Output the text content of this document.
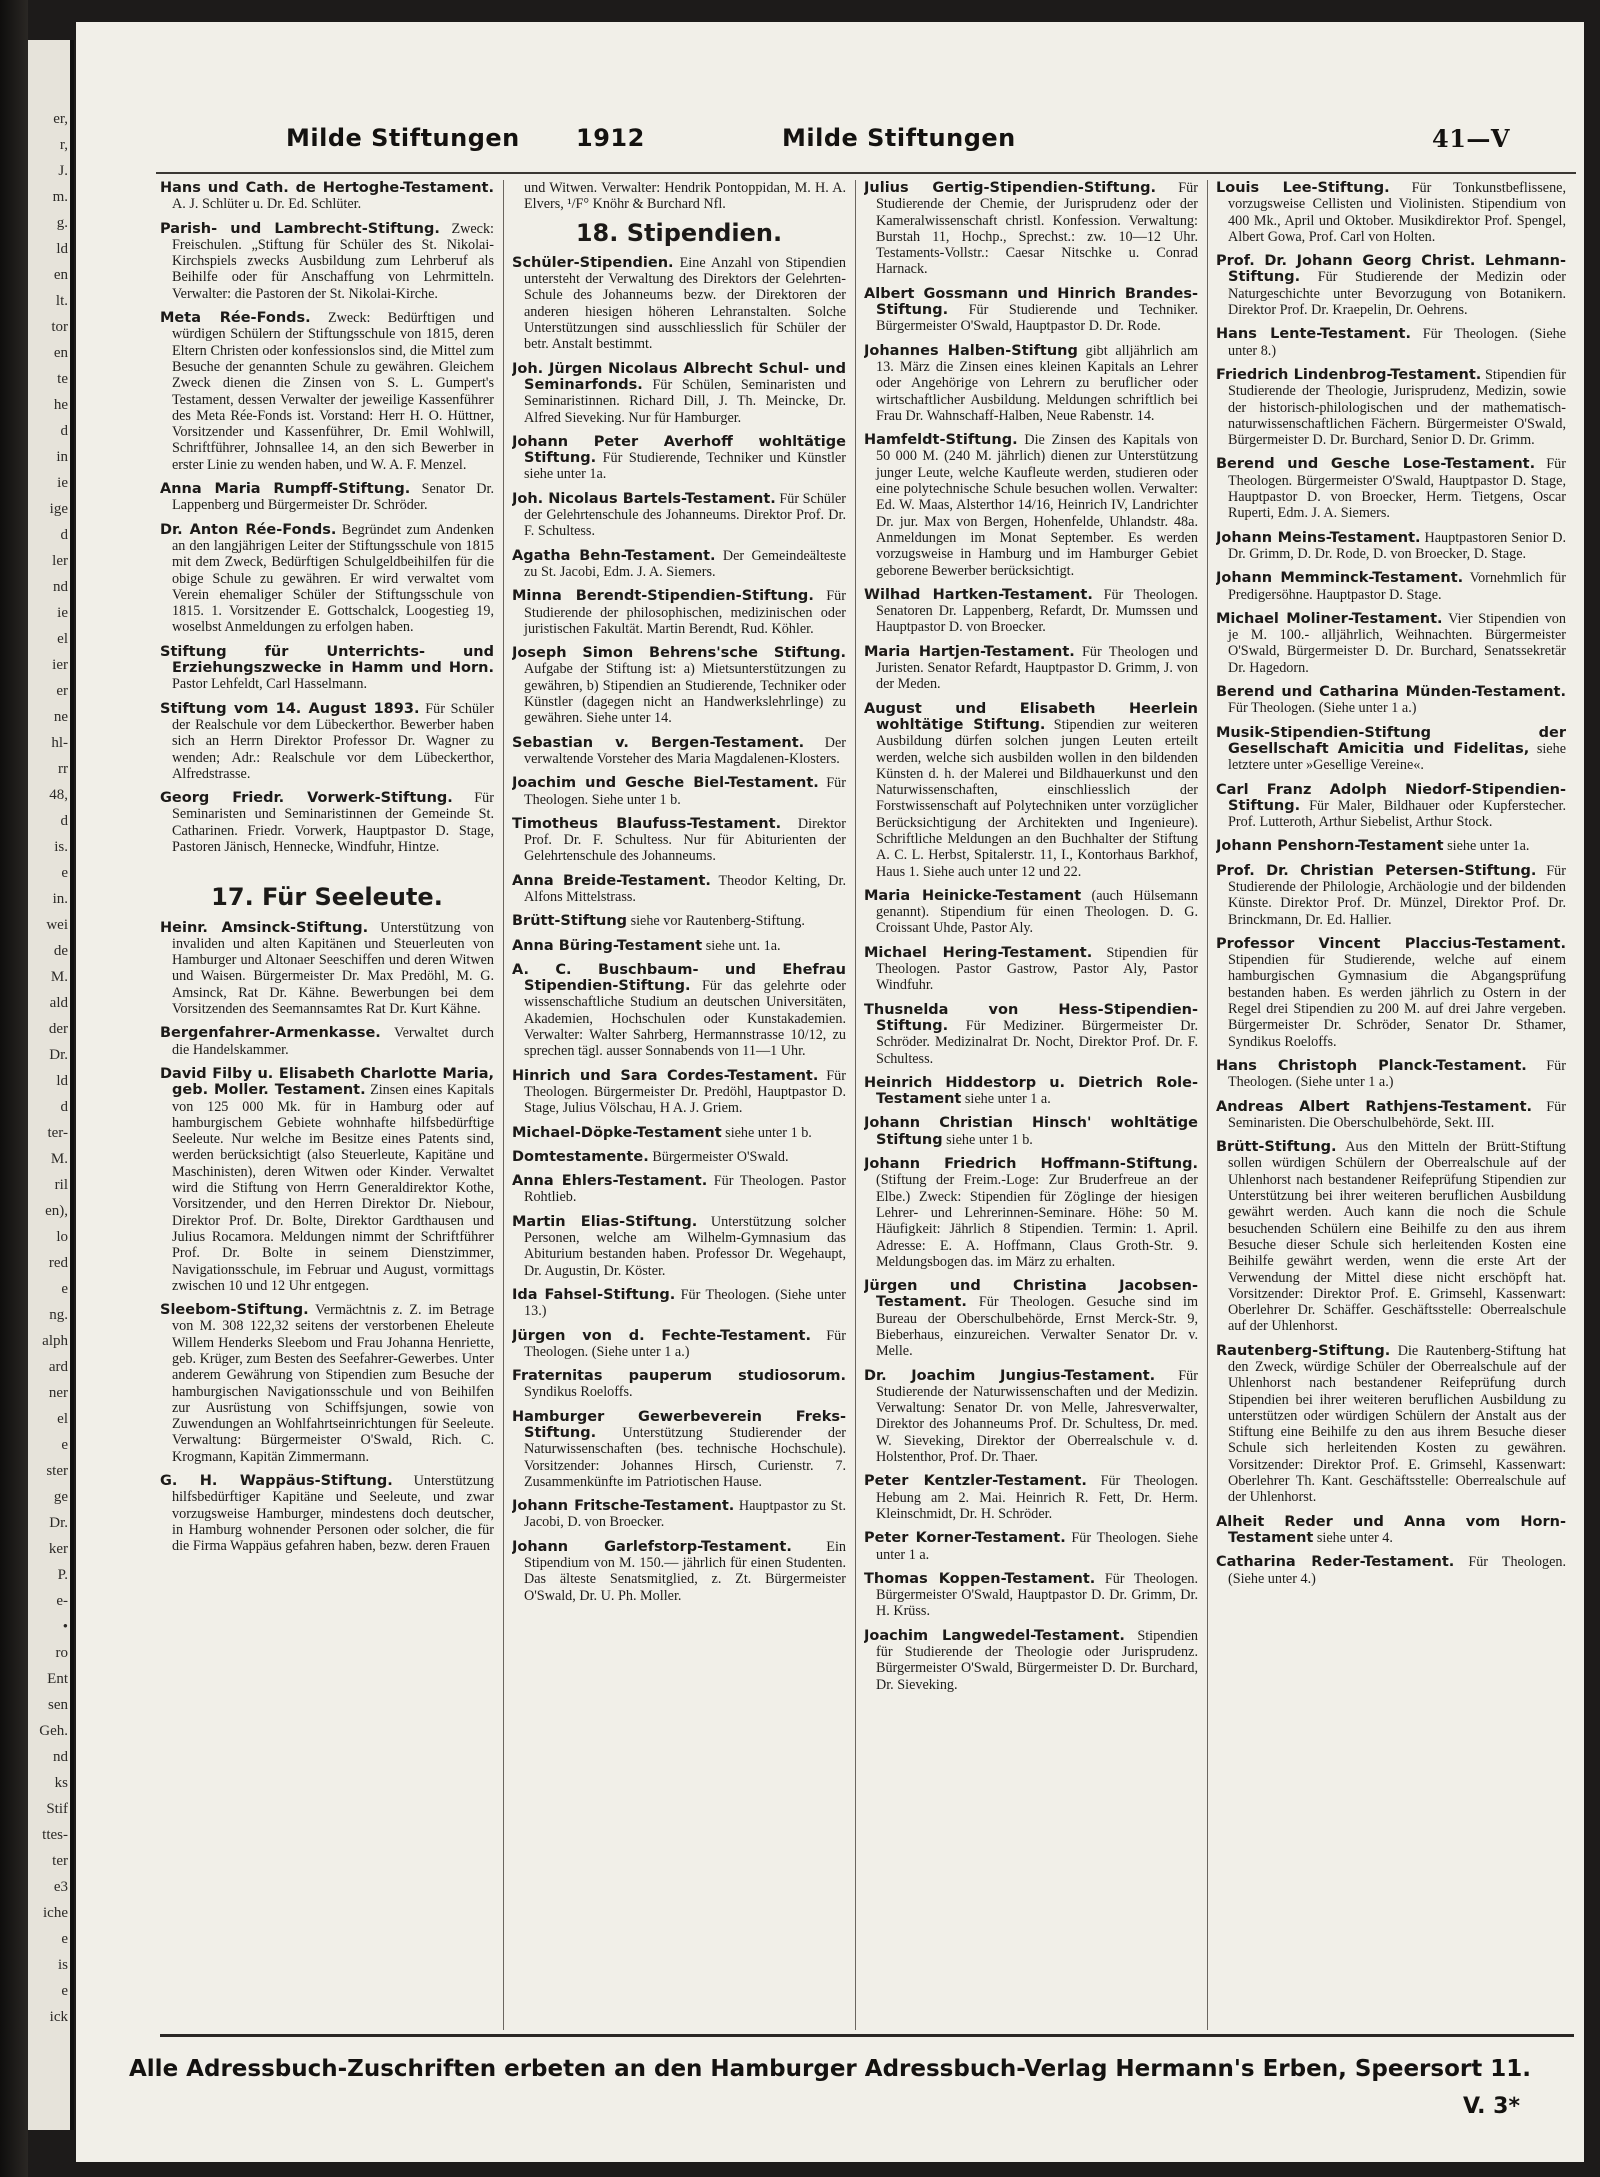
er,
r,
J.
m.
g.
ld
en
lt.
tor
en
te
he
d
in
ie
ige
d
ler
nd
ie
el
ier
er
ne
hl-
rr
48,
d
is.
e
in.
wei
de
M.
ald
der
Dr.
ld
d
ter-
M.
ril
en),
lo
red
e
ng.
alph
ard
ner
el
e
ster
ge
Dr.
ker
P.
e-
•
ro
Ent
sen
Geh.
nd
ks
Stif
ttes-
ter
e3
iche
e
is
e
ick
Milde Stiftungen 1912	Milde Stiftungen	41—V
Hans und Cath. de Hertoghe-Testament. A. J. Schlüter u. Dr. Ed. Schlüter.
Parish- und Lambrecht-Stiftung. Zweck: Freischulen. „Stiftung für Schüler des St. Nikolai-Kirchspiels zwecks Ausbildung zum Lehrberuf als Beihilfe oder für Anschaffung von Lehrmitteln. Verwalter: die Pastoren der St. Nikolai-Kirche.
Meta Rée-Fonds. Zweck: Bedürftigen und würdigen Schülern der Stiftungsschule von 1815, deren Eltern Christen oder konfessionslos sind, die Mittel zum Besuche der genannten Schule zu gewähren. Gleichem Zweck dienen die Zinsen von S. L. Gumpert's Testament, dessen Verwalter der jeweilige Kassenführer des Meta Rée-Fonds ist. Vorstand: Herr H. O. Hüttner, Vorsitzender und Kassenführer, Dr. Emil Wohlwill, Schriftführer, Johnsallee 14, an den sich Bewerber in erster Linie zu wenden haben, und W. A. F. Menzel.
Anna Maria Rumpff-Stiftung. Senator Dr. Lappenberg und Bürgermeister Dr. Schröder.
Dr. Anton Rée-Fonds. Begründet zum Andenken an den langjährigen Leiter der Stiftungsschule von 1815 mit dem Zweck, Bedürftigen Schulgeldbeihilfen für die obige Schule zu gewähren. Er wird verwaltet vom Verein ehemaliger Schüler der Stiftungsschule von 1815. 1. Vorsitzender E. Gottschalck, Loogestieg 19, woselbst Anmeldungen zu erfolgen haben.
Stiftung für Unterrichts- und Erziehungszwecke in Hamm und Horn. Pastor Lehfeldt, Carl Hasselmann.
Stiftung vom 14. August 1893. Für Schüler der Realschule vor dem Lübeckerthor. Bewerber haben sich an Herrn Direktor Professor Dr. Wagner zu wenden; Adr.: Realschule vor dem Lübeckerthor, Alfredstrasse.
Georg Friedr. Vorwerk-Stiftung. Für Seminaristen und Seminaristinnen der Gemeinde St. Catharinen. Friedr. Vorwerk, Hauptpastor D. Stage, Pastoren Jänisch, Hennecke, Windfuhr, Hintze.
17. Für Seeleute.
Heinr. Amsinck-Stiftung. Unterstützung von invaliden und alten Kapitänen und Steuerleuten von Hamburger und Altonaer Seeschiffen und deren Witwen und Waisen. Bürgermeister Dr. Max Predöhl, M. G. Amsinck, Rat Dr. Kähne. Bewerbungen bei dem Vorsitzenden des Seemannsamtes Rat Dr. Kurt Kähne.
Bergenfahrer-Armenkasse. Verwaltet durch die Handelskammer.
David Filby u. Elisabeth Charlotte Maria, geb. Moller. Testament. Zinsen eines Kapitals von 125 000 Mk. für in Hamburg oder auf hamburgischem Gebiete wohnhafte hilfsbedürftige Seeleute. Nur welche im Besitze eines Patents sind, werden berücksichtigt (also Steuerleute, Kapitäne und Maschinisten), deren Witwen oder Kinder. Verwaltet wird die Stiftung von Herrn Generaldirektor Kothe, Vorsitzender, und den Herren Direktor Dr. Niebour, Direktor Prof. Dr. Bolte, Direktor Gardthausen und Julius Rocamora. Meldungen nimmt der Schriftführer Prof. Dr. Bolte in seinem Dienstzimmer, Navigationsschule, im Februar und August, vormittags zwischen 10 und 12 Uhr entgegen.
Sleebom-Stiftung. Vermächtnis z. Z. im Betrage von M. 308 122,32 seitens der verstorbenen Eheleute Willem Henderks Sleebom und Frau Johanna Henriette, geb. Krüger, zum Besten des Seefahrer-Gewerbes. Unter anderem Gewährung von Stipendien zum Besuche der hamburgischen Navigationsschule und von Beihilfen zur Ausrüstung von Schiffsjungen, sowie von Zuwendungen an Wohlfahrtseinrichtungen für Seeleute. Verwaltung: Bürgermeister O'Swald, Rich. C. Krogmann, Kapitän Zimmermann.
G. H. Wappäus-Stiftung. Unterstützung hilfsbedürftiger Kapitäne und Seeleute, und zwar vorzugsweise Hamburger, mindestens doch deutscher, in Hamburg wohnender Personen oder solcher, die für die Firma Wappäus gefahren haben, bezw. deren Frauen
und Witwen. Verwalter: Hendrik Pontoppidan, M. H. A. Elvers, ¹/F° Knöhr & Burchard Nfl.
18. Stipendien.
Schüler-Stipendien. Eine Anzahl von Stipendien untersteht der Verwaltung des Direktors der Gelehrten-Schule des Johanneums bezw. der Direktoren der anderen hiesigen höheren Lehranstalten. Solche Unterstützungen sind ausschliesslich für Schüler der betr. Anstalt bestimmt.
Joh. Jürgen Nicolaus Albrecht Schul- und Seminarfonds. Für Schülen, Seminaristen und Seminaristinnen. Richard Dill, J. Th. Meincke, Dr. Alfred Sieveking. Nur für Hamburger.
Johann Peter Averhoff wohltätige Stiftung. Für Studierende, Techniker und Künstler siehe unter 1a.
Joh. Nicolaus Bartels-Testament. Für Schüler der Gelehrtenschule des Johanneums. Direktor Prof. Dr. F. Schultess.
Agatha Behn-Testament. Der Gemeindeälteste zu St. Jacobi, Edm. J. A. Siemers.
Minna Berendt-Stipendien-Stiftung. Für Studierende der philosophischen, medizinischen oder juristischen Fakultät. Martin Berendt, Rud. Köhler.
Joseph Simon Behrens'sche Stiftung. Aufgabe der Stiftung ist: a) Mietsunterstützungen zu gewähren, b) Stipendien an Studierende, Techniker oder Künstler (dagegen nicht an Handwerkslehrlinge) zu gewähren. Siehe unter 14.
Sebastian v. Bergen-Testament. Der verwaltende Vorsteher des Maria Magdalenen-Klosters.
Joachim und Gesche Biel-Testament. Für Theologen. Siehe unter 1 b.
Timotheus Blaufuss-Testament. Direktor Prof. Dr. F. Schultess. Nur für Abiturienten der Gelehrtenschule des Johanneums.
Anna Breide-Testament. Theodor Kelting, Dr. Alfons Mittelstrass.
Brütt-Stiftung siehe vor Rautenberg-Stiftung.
Anna Büring-Testament siehe unt. 1a.
A. C. Buschbaum- und Ehefrau Stipendien-Stiftung. Für das gelehrte oder wissenschaftliche Studium an deutschen Universitäten, Akademien, Hochschulen oder Kunstakademien. Verwalter: Walter Sahrberg, Hermannstrasse 10/12, zu sprechen tägl. ausser Sonnabends von 11—1 Uhr.
Hinrich und Sara Cordes-Testament. Für Theologen. Bürgermeister Dr. Predöhl, Hauptpastor D. Stage, Julius Völschau, H A. J. Griem.
Michael-Döpke-Testament siehe unter 1 b.
Domtestamente. Bürgermeister O'Swald.
Anna Ehlers-Testament. Für Theologen. Pastor Rohtlieb.
Martin Elias-Stiftung. Unterstützung solcher Personen, welche am Wilhelm-Gymnasium das Abiturium bestanden haben. Professor Dr. Wegehaupt, Dr. Augustin, Dr. Köster.
Ida Fahsel-Stiftung. Für Theologen. (Siehe unter 13.)
Jürgen von d. Fechte-Testament. Für Theologen. (Siehe unter 1 a.)
Fraternitas pauperum studiosorum. Syndikus Roeloffs.
Hamburger Gewerbeverein Freks-Stiftung. Unterstützung Studierender der Naturwissenschaften (bes. technische Hochschule). Vorsitzender: Johannes Hirsch, Curienstr. 7. Zusammenkünfte im Patriotischen Hause.
Johann Fritsche-Testament. Hauptpastor zu St. Jacobi, D. von Broecker.
Johann Garlefstorp-Testament. Ein Stipendium von M. 150.— jährlich für einen Studenten. Das älteste Senatsmitglied, z. Zt. Bürgermeister O'Swald, Dr. U. Ph. Moller.
Julius Gertig-Stipendien-Stiftung. Für Studierende der Chemie, der Jurisprudenz oder der Kameralwissenschaft christl. Konfession. Verwaltung: Burstah 11, Hochp., Sprechst.: zw. 10—12 Uhr. Testaments-Vollstr.: Caesar Nitschke u. Conrad Harnack.
Albert Gossmann und Hinrich Brandes-Stiftung. Für Studierende und Techniker. Bürgermeister O'Swald, Hauptpastor D. Dr. Rode.
Johannes Halben-Stiftung gibt alljährlich am 13. März die Zinsen eines kleinen Kapitals an Lehrer oder Angehörige von Lehrern zu beruflicher oder wirtschaftlicher Ausbildung. Meldungen schriftlich bei Frau Dr. Wahnschaff-Halben, Neue Rabenstr. 14.
Hamfeldt-Stiftung. Die Zinsen des Kapitals von 50 000 M. (240 M. jährlich) dienen zur Unterstützung junger Leute, welche Kaufleute werden, studieren oder eine polytechnische Schule besuchen wollen. Verwalter: Ed. W. Maas, Alsterthor 14/16, Heinrich IV, Landrichter Dr. jur. Max von Bergen, Hohenfelde, Uhlandstr. 48a. Anmeldungen im Monat September. Es werden vorzugsweise in Hamburg und im Hamburger Gebiet geborene Bewerber berücksichtigt.
Wilhad Hartken-Testament. Für Theologen. Senatoren Dr. Lappenberg, Refardt, Dr. Mumssen und Hauptpastor D. von Broecker.
Maria Hartjen-Testament. Für Theologen und Juristen. Senator Refardt, Hauptpastor D. Grimm, J. von der Meden.
August und Elisabeth Heerlein wohltätige Stiftung. Stipendien zur weiteren Ausbildung dürfen solchen jungen Leuten erteilt werden, welche sich ausbilden wollen in den bildenden Künsten d. h. der Malerei und Bildhauerkunst und den Naturwissenschaften, einschliesslich der Forstwissenschaft auf Polytechniken unter vorzüglicher Berücksichtigung der Architekten und Ingenieure). Schriftliche Meldungen an den Buchhalter der Stiftung A. C. L. Herbst, Spitalerstr. 11, I., Kontorhaus Barkhof, Haus 1. Siehe auch unter 12 und 22.
Maria Heinicke-Testament (auch Hülsemann genannt). Stipendium für einen Theologen. D. G. Croissant Uhde, Pastor Aly.
Michael Hering-Testament. Stipendien für Theologen. Pastor Gastrow, Pastor Aly, Pastor Windfuhr.
Thusnelda von Hess-Stipendien-Stiftung. Für Mediziner. Bürgermeister Dr. Schröder. Medizinalrat Dr. Nocht, Direktor Prof. Dr. F. Schultess.
Heinrich Hiddestorp u. Dietrich Role-Testament siehe unter 1 a.
Johann Christian Hinsch' wohltätige Stiftung siehe unter 1 b.
Johann Friedrich Hoffmann-Stiftung. (Stiftung der Freim.-Loge: Zur Bruderfreue an der Elbe.) Zweck: Stipendien für Zöglinge der hiesigen Lehrer- und Lehrerinnen-Seminare. Höhe: 50 M. Häufigkeit: Jährlich 8 Stipendien. Termin: 1. April. Adresse: E. A. Hoffmann, Claus Groth-Str. 9. Meldungsbogen das. im März zu erhalten.
Jürgen und Christina Jacobsen-Testament. Für Theologen. Gesuche sind im Bureau der Oberschulbehörde, Ernst Merck-Str. 9, Bieberhaus, einzureichen. Verwalter Senator Dr. v. Melle.
Dr. Joachim Jungius-Testament. Für Studierende der Naturwissenschaften und der Medizin. Verwaltung: Senator Dr. von Melle, Jahresverwalter, Direktor des Johanneums Prof. Dr. Schultess, Dr. med. W. Sieveking, Direktor der Oberrealschule v. d. Holstenthor, Prof. Dr. Thaer.
Peter Kentzler-Testament. Für Theologen. Hebung am 2. Mai. Heinrich R. Fett, Dr. Herm. Kleinschmidt, Dr. H. Schröder.
Peter Korner-Testament. Für Theologen. Siehe unter 1 a.
Thomas Koppen-Testament. Für Theologen. Bürgermeister O'Swald, Hauptpastor D. Dr. Grimm, Dr. H. Krüss.
Joachim Langwedel-Testament. Stipendien für Studierende der Theologie oder Jurisprudenz. Bürgermeister O'Swald, Bürgermeister D. Dr. Burchard, Dr. Sieveking.
Louis Lee-Stiftung. Für Tonkunstbeflissene, vorzugsweise Cellisten und Violinisten. Stipendium von 400 Mk., April und Oktober. Musikdirektor Prof. Spengel, Albert Gowa, Prof. Carl von Holten.
Prof. Dr. Johann Georg Christ. Lehmann-Stiftung. Für Studierende der Medizin oder Naturgeschichte unter Bevorzugung von Botanikern. Direktor Prof. Dr. Kraepelin, Dr. Oehrens.
Hans Lente-Testament. Für Theologen. (Siehe unter 8.)
Friedrich Lindenbrog-Testament. Stipendien für Studierende der Theologie, Jurisprudenz, Medizin, sowie der historisch-philologischen und der mathematisch-naturwissenschaftlichen Fächern. Bürgermeister O'Swald, Bürgermeister D. Dr. Burchard, Senior D. Dr. Grimm.
Berend und Gesche Lose-Testament. Für Theologen. Bürgermeister O'Swald, Hauptpastor D. Stage, Hauptpastor D. von Broecker, Herm. Tietgens, Oscar Ruperti, Edm. J. A. Siemers.
Johann Meins-Testament. Hauptpastoren Senior D. Dr. Grimm, D. Dr. Rode, D. von Broecker, D. Stage.
Johann Memminck-Testament. Vornehmlich für Predigersöhne. Hauptpastor D. Stage.
Michael Moliner-Testament. Vier Stipendien von je M. 100.- alljährlich, Weihnachten. Bürgermeister O'Swald, Bürgermeister D. Dr. Burchard, Senatssekretär Dr. Hagedorn.
Berend und Catharina Münden-Testament. Für Theologen. (Siehe unter 1 a.)
Musik-Stipendien-Stiftung der Gesellschaft Amicitia und Fidelitas, siehe letztere unter »Gesellige Vereine«.
Carl Franz Adolph Niedorf-Stipendien-Stiftung. Für Maler, Bildhauer oder Kupferstecher. Prof. Lutteroth, Arthur Siebelist, Arthur Stock.
Johann Penshorn-Testament siehe unter 1a.
Prof. Dr. Christian Petersen-Stiftung. Für Studierende der Philologie, Archäologie und der bildenden Künste. Direktor Prof. Dr. Münzel, Direktor Prof. Dr. Brinckmann, Dr. Ed. Hallier.
Professor Vincent Placcius-Testament. Stipendien für Studierende, welche auf einem hamburgischen Gymnasium die Abgangsprüfung bestanden haben. Es werden jährlich zu Ostern in der Regel drei Stipendien zu 200 M. auf drei Jahre vergeben. Bürgermeister Dr. Schröder, Senator Dr. Sthamer, Syndikus Roeloffs.
Hans Christoph Planck-Testament. Für Theologen. (Siehe unter 1 a.)
Andreas Albert Rathjens-Testament. Für Seminaristen. Die Oberschulbehörde, Sekt. III.
Brütt-Stiftung. Aus den Mitteln der Brütt-Stiftung sollen würdigen Schülern der Oberrealschule auf der Uhlenhorst nach bestandener Reifeprüfung Stipendien zur Unterstützung bei ihrer weiteren beruflichen Ausbildung gewährt werden. Auch kann die noch die Schule besuchenden Schülern eine Beihilfe zu den aus ihrem Besuche dieser Schule sich herleitenden Kosten eine Beihilfe gewährt werden, wenn die erste Art der Verwendung der Mittel diese nicht erschöpft hat. Vorsitzender: Direktor Prof. E. Grimsehl, Kassenwart: Oberlehrer Dr. Schäffer. Geschäftsstelle: Oberrealschule auf der Uhlenhorst.
Rautenberg-Stiftung. Die Rautenberg-Stiftung hat den Zweck, würdige Schüler der Oberrealschule auf der Uhlenhorst nach bestandener Reifeprüfung durch Stipendien bei ihrer weiteren beruflichen Ausbildung zu unterstützen oder würdigen Schülern der Anstalt aus der Stiftung eine Beihilfe zu den aus ihrem Besuche dieser Schule sich herleitenden Kosten zu gewähren. Vorsitzender: Direktor Prof. E. Grimsehl, Kassenwart: Oberlehrer Th. Kant. Geschäftsstelle: Oberrealschule auf der Uhlenhorst.
Alheit Reder und Anna vom Horn-Testament siehe unter 4.
Catharina Reder-Testament. Für Theologen. (Siehe unter 4.)
Alle Adressbuch-Zuschriften erbeten an den Hamburger Adressbuch-Verlag Hermann's Erben, Speersort 11.
V. 3*
